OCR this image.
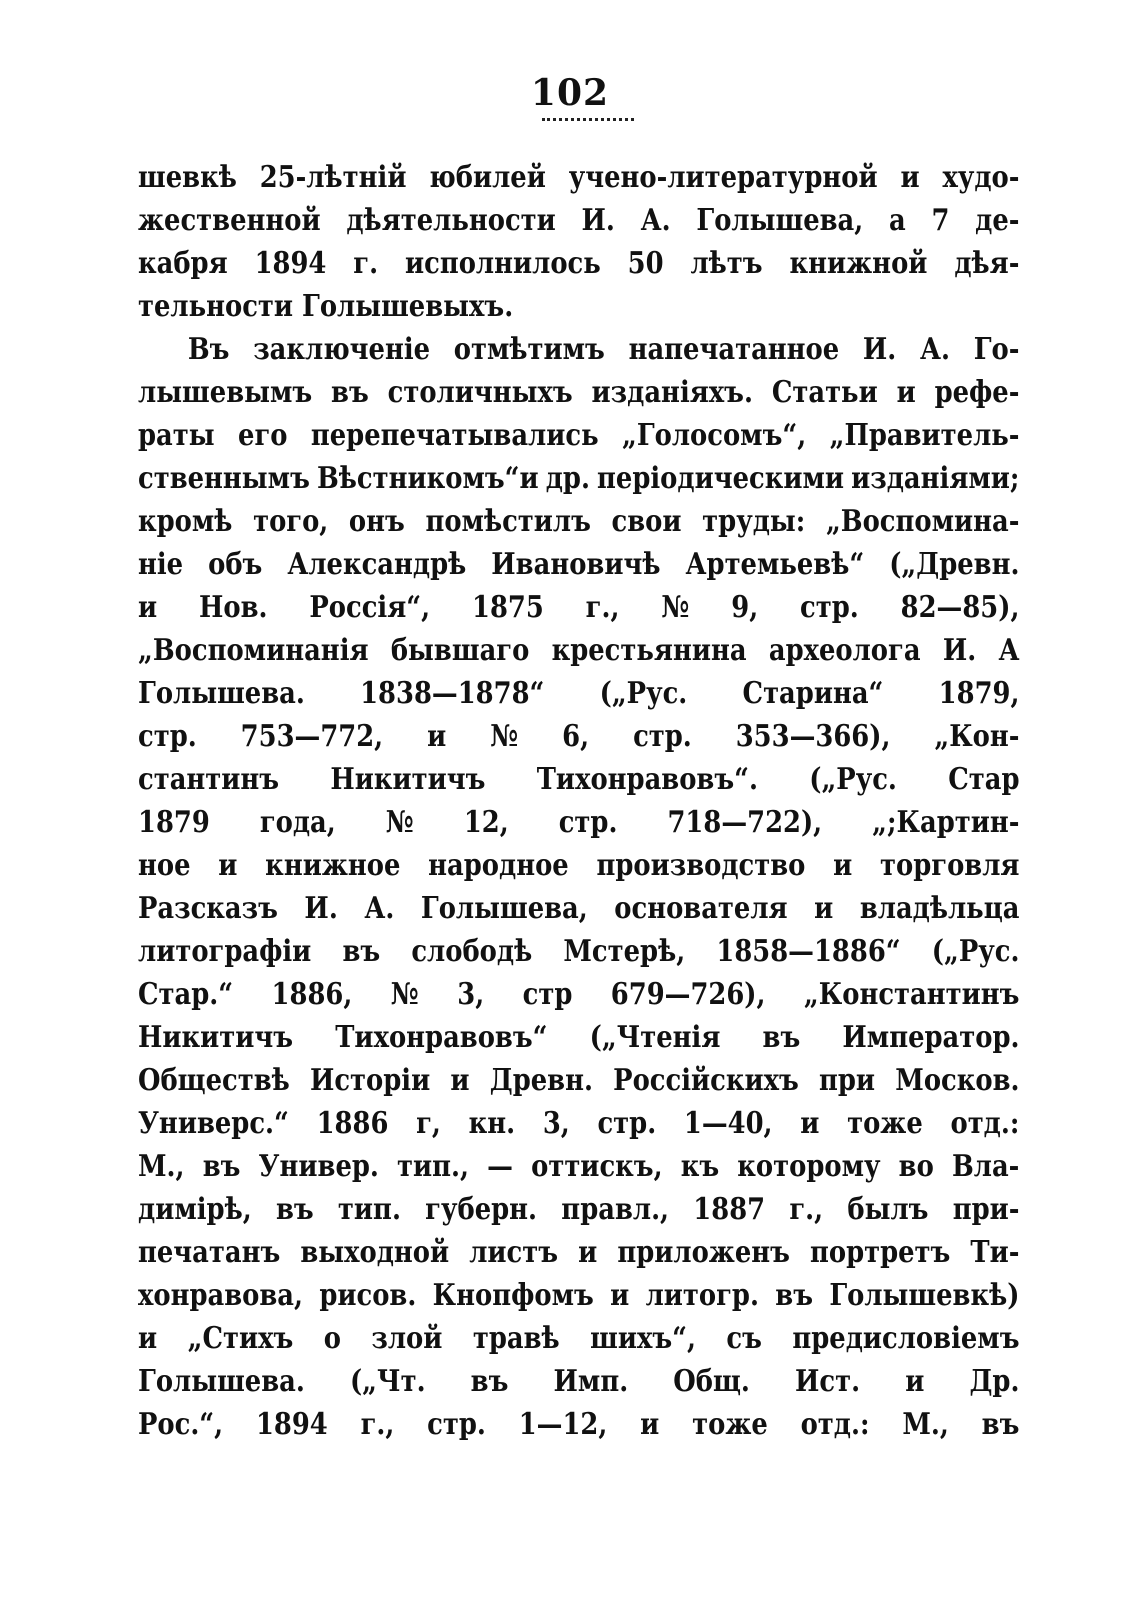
102
шевкѣ 25-лѣтній юбилей учено-литературной и худо-
жественной дѣятельности И. А. Голышева, а 7 де-
кабря 1894 г. исполнилось 50 лѣтъ книжной дѣя-
тельности Голышевыхъ.
Въ заключеніе отмѣтимъ напечатанное И. А. Го-
лышевымъ въ столичныхъ изданіяхъ. Статьи и рефе-
раты его перепечатывались „Голосомъ“, „Правитель-
ственнымъ Вѣстникомъ“и др. періодическими изданіями;
кромѣ того, онъ помѣстилъ свои труды: „Воспомина-
ніе объ Александрѣ Ивановичѣ Артемьевѣ“ („Древн.
и Нов. Россія“, 1875 г., № 9, стр. 82—85),
„Воспоминанія бывшаго крестьянина археолога И. А
Голышева. 1838—1878“ („Рус. Старина“ 1879,
стр. 753—772, и № 6, стр. 353—366), „Кон-
стантинъ Никитичъ Тихонравовъ“. („Рус. Стар
1879 года, № 12, стр. 718—722), „;Картин-
ное и книжное народное производство и торговля
Разсказъ И. А. Голышева, основателя и владѣльца
литографіи въ слободѣ Мстерѣ, 1858—1886“ („Рус.
Стар.“ 1886, № 3, стр 679—726), „Константинъ
Никитичъ Тихонравовъ“ („Чтенія въ Император.
Обществѣ Исторіи и Древн. Россійскихъ при Москов.
Универс.“ 1886 г, кн. 3, стр. 1—40, и тоже отд.:
М., въ Универ. тип., — оттискъ, къ которому во Вла-
димірѣ, въ тип. губерн. правл., 1887 г., былъ при-
печатанъ выходной листъ и приложенъ портретъ Ти-
хонравова, рисов. Кнопфомъ и литогр. въ Голышевкѣ)
и „Стихъ о злой травѣ шихъ“, съ предисловіемъ
Голышева. („Чт. въ Имп. Общ. Ист. и Др.
Рос.“, 1894 г., стр. 1—12, и тоже отд.: М., въ
